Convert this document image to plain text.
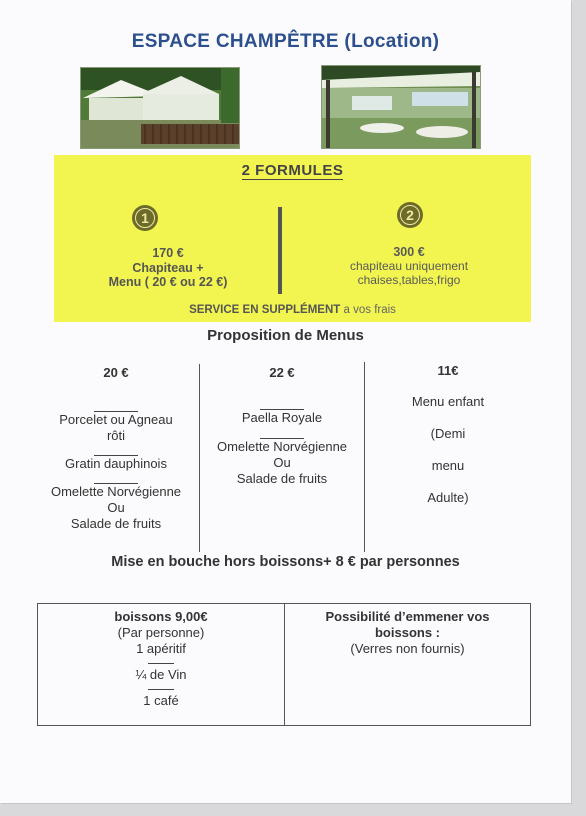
ESPACE CHAMPÊTRE (Location)
2 FORMULES
1	2
170 €
Chapiteau +
Menu ( 20 € ou 22 €)
300 €
chapiteau uniquement
chaises,tables,frigo
SERVICE EN SUPPLÉMENT a vos frais
Proposition de Menus
20 €
Porcelet ou Agneau
rôti
Gratin dauphinois
Omelette Norvégienne
Ou
Salade de fruits
22 €
Paella Royale
Omelette Norvégienne
Ou
Salade de fruits
11€
Menu enfant
(Demi
menu
Adulte)
Mise en bouche hors boissons+ 8 € par personnes
boissons 9,00€
(Par personne)
1 apéritif
¼ de Vin
1 café
Possibilité d’emmener vos
boissons :
(Verres non fournis)
